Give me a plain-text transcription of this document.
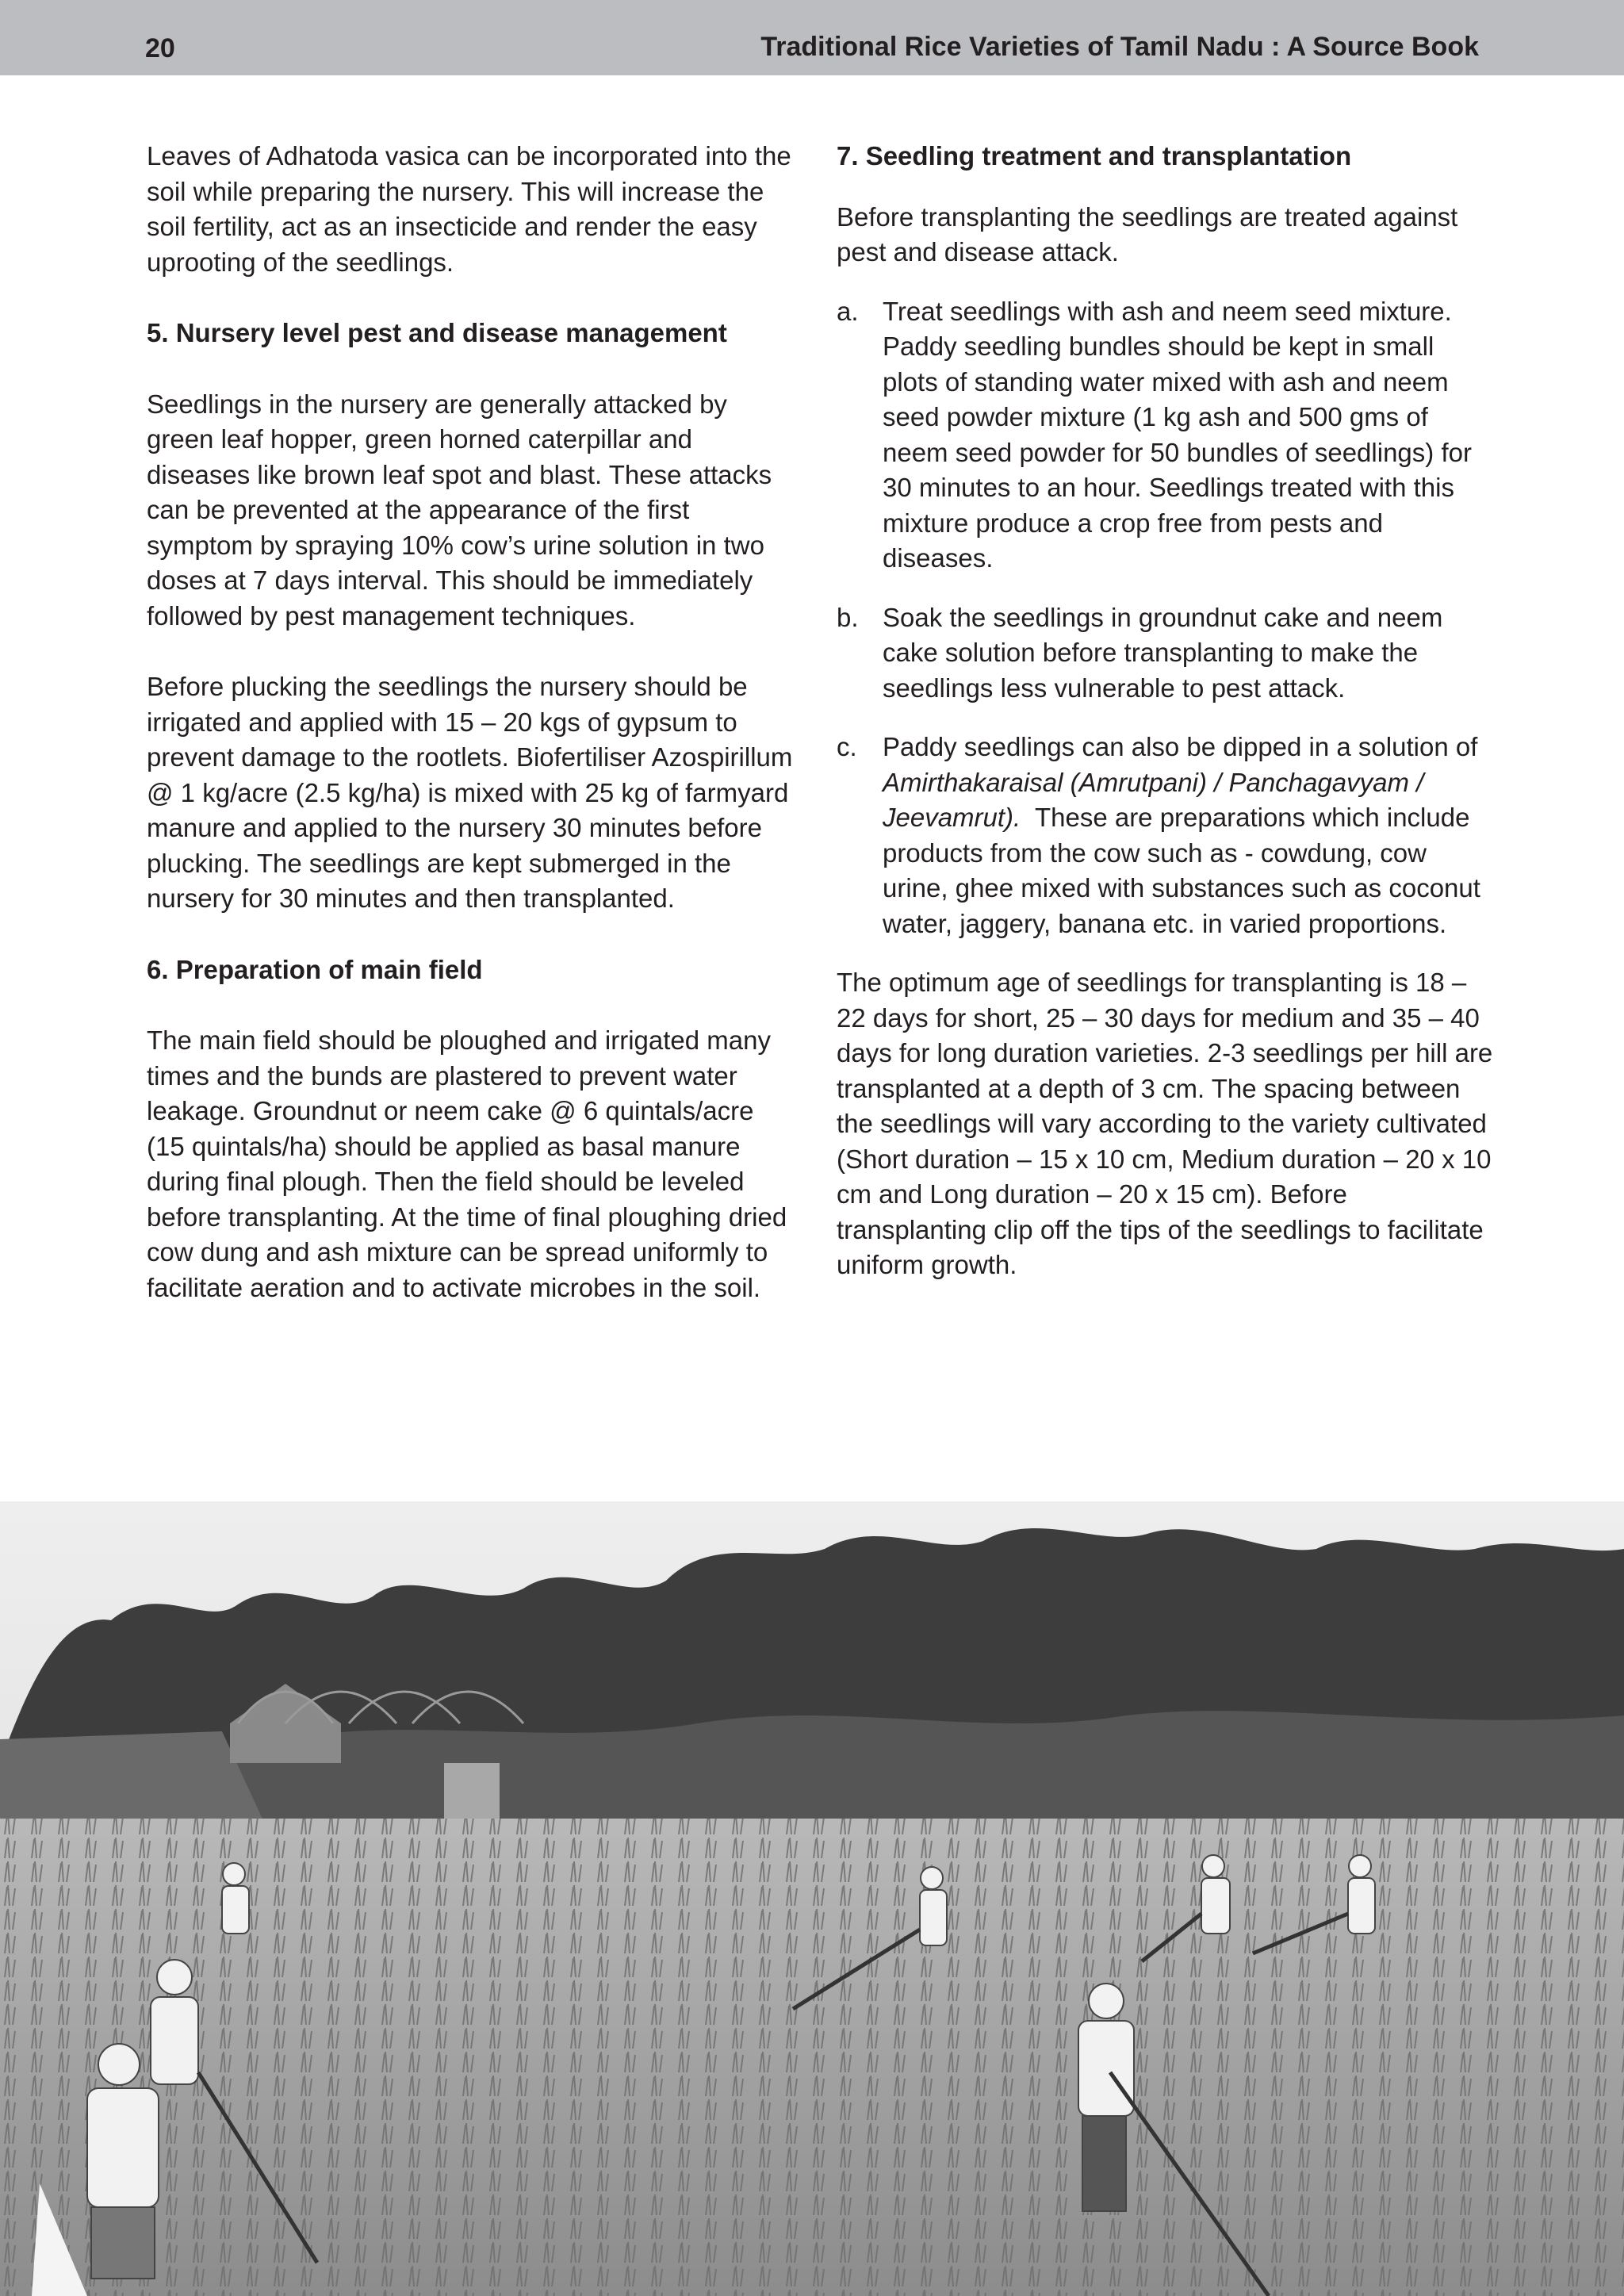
20	Traditional Rice Varieties of Tamil Nadu : A Source Book

Leaves of Adhatoda vasica can be incorporated into the soil while preparing the nursery. This will increase the soil fertility, act as an insecticide and render the easy uprooting of the seedlings.

5. Nursery level pest and disease management

Seedlings in the nursery are generally attacked by green leaf hopper, green horned caterpillar and diseases like brown leaf spot and blast. These attacks can be prevented at the appearance of the first symptom by spraying 10% cow’s urine solution in two doses at 7 days interval. This should be immediately followed by pest management techniques.

Before plucking the seedlings the nursery should be irrigated and applied with 15 – 20 kgs of gypsum to prevent damage to the rootlets. Biofertiliser Azospirillum @ 1 kg/acre (2.5 kg/ha) is mixed with 25 kg of farmyard manure and applied to the nursery 30 minutes before plucking. The seedlings are kept submerged in the nursery for 30 minutes and then transplanted.

6. Preparation of main field

The main field should be ploughed and irrigated many times and the bunds are plastered to prevent water leakage. Groundnut or neem cake @ 6 quintals/acre (15 quintals/ha) should be applied as basal manure during final plough. Then the field should be leveled before transplanting. At the time of final ploughing dried cow dung and ash mixture can be spread uniformly to facilitate aeration and to activate microbes in the soil.

7. Seedling treatment and transplantation

Before transplanting the seedlings are treated against pest and disease attack.

a. Treat seedlings with ash and neem seed mixture. Paddy seedling bundles should be kept in small plots of standing water mixed with ash and neem seed powder mixture (1 kg ash and 500 gms of neem seed powder for 50 bundles of seedlings) for 30 minutes to an hour. Seedlings treated with this mixture produce a crop free from pests and diseases.
b. Soak the seedlings in groundnut cake and neem cake solution before transplanting to make the seedlings less vulnerable to pest attack.
c. Paddy seedlings can also be dipped in a solution of Amirthakaraisal (Amrutpani) / Panchagavyam / Jeevamrut).  These are preparations which include products from the cow such as - cowdung, cow urine, ghee mixed with substances such as coconut water, jaggery, banana etc. in varied proportions.

The optimum age of seedlings for transplanting is 18 – 22 days for short, 25 – 30 days for medium and 35 – 40 days for long duration varieties. 2-3 seedlings per hill are transplanted at a depth of 3 cm. The spacing between the seedlings will vary according to the variety cultivated (Short duration – 15 x 10 cm, Medium duration – 20 x 10 cm and Long duration – 20 x 15 cm). Before transplanting clip off the tips of the seedlings to facilitate uniform growth.
